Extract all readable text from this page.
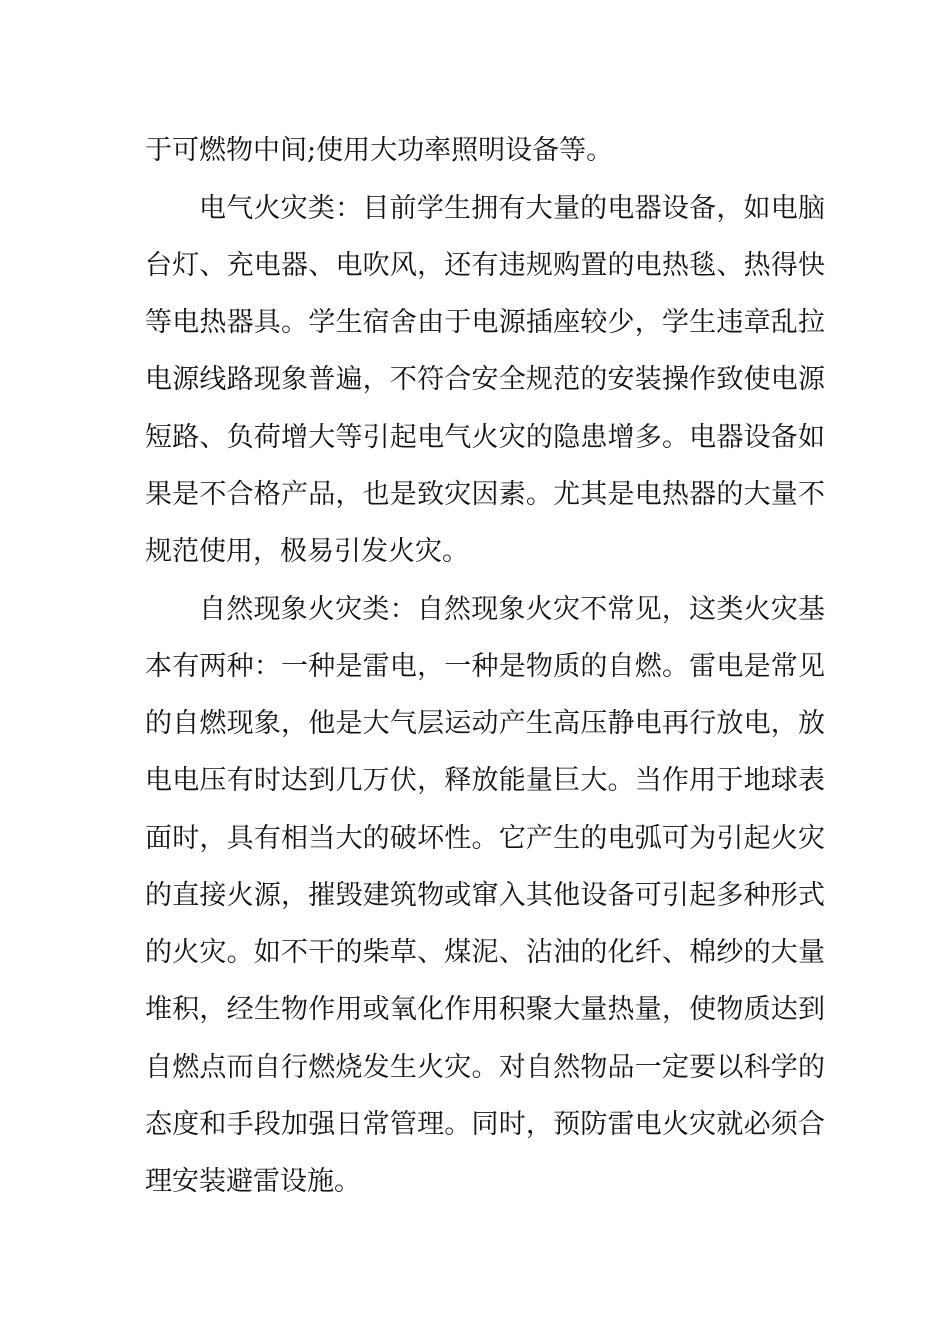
于可燃物中间;使用大功率照明设备等。
电气火灾类：目前学生拥有大量的电器设备，如电脑
台灯、充电器、电吹风，还有违规购置的电热毯、热得快
等电热器具。学生宿舍由于电源插座较少，学生违章乱拉
电源线路现象普遍，不符合安全规范的安装操作致使电源
短路、负荷增大等引起电气火灾的隐患增多。电器设备如
果是不合格产品，也是致灾因素。尤其是电热器的大量不
规范使用，极易引发火灾。
自然现象火灾类：自然现象火灾不常见，这类火灾基
本有两种：一种是雷电，一种是物质的自燃。雷电是常见
的自燃现象，他是大气层运动产生高压静电再行放电，放
电电压有时达到几万伏，释放能量巨大。当作用于地球表
面时，具有相当大的破坏性。它产生的电弧可为引起火灾
的直接火源，摧毁建筑物或窜入其他设备可引起多种形式
的火灾。如不干的柴草、煤泥、沾油的化纤、棉纱的大量
堆积，经生物作用或氧化作用积聚大量热量，使物质达到
自燃点而自行燃烧发生火灾。对自然物品一定要以科学的
态度和手段加强日常管理。同时，预防雷电火灾就必须合
理安装避雷设施。
